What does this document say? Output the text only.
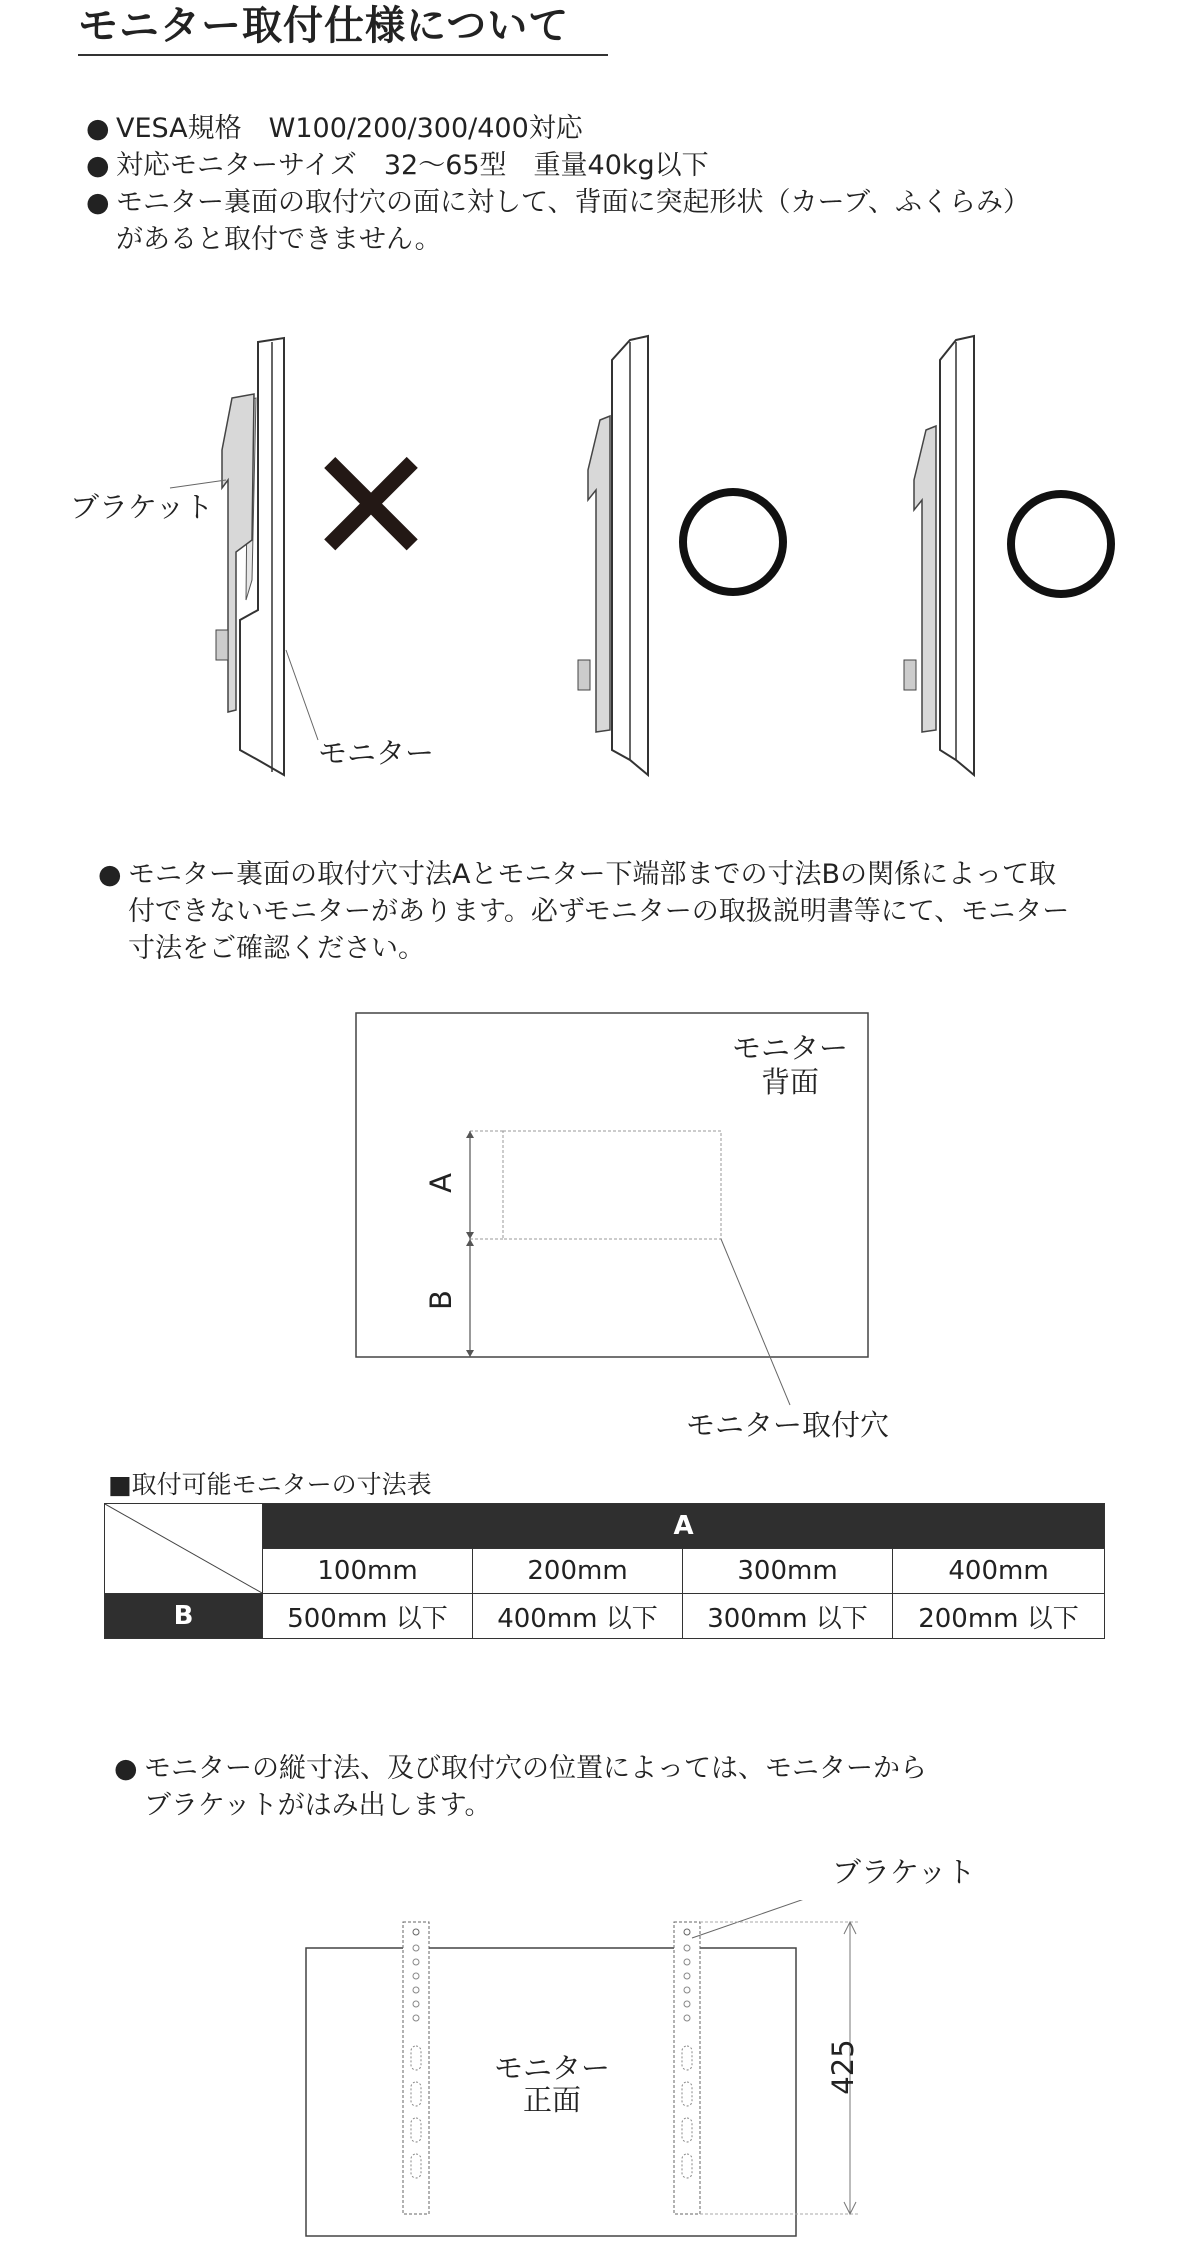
モニター取付仕様について
● VESA規格　W100/200/300/400対応
● 対応モニターサイズ　32～65型　重量40kg以下
● モニター裏面の取付穴の面に対して、背面に突起形状（カーブ、ふくらみ）
があると取付できません。
✕
ブラケット
モニター
● モニター裏面の取付穴寸法Aとモニター下端部までの寸法Bの関係によって取
付できないモニターがあります。必ずモニターの取扱説明書等にて、モニター
寸法をご確認ください。
モニター
背面
A
B
モニター取付穴
■取付可能モニターの寸法表
	A			
	100mm	200mm	300mm	400mm
B	500mm 以下	400mm 以下	300mm 以下	200mm 以下
● モニターの縦寸法、及び取付穴の位置によっては、モニターから
ブラケットがはみ出します。
ブラケット
425
モニター
正面
